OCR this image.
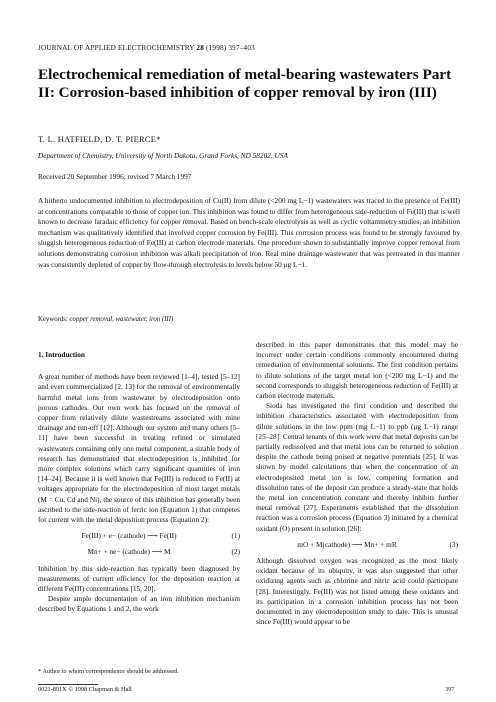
JOURNAL OF APPLIED ELECTROCHEMISTRY 28 (1998) 397–403
Electrochemical remediation of metal-bearing wastewaters Part II: Corrosion-based inhibition of copper removal by iron (III)
T. L. HATFIELD, D. T. PIERCE*
Department of Chemistry, University of North Dakota, Grand Forks, ND 58202, USA
Received 20 September 1996; revised 7 March 1997
A hitherto undocumented inhibition to electrodeposition of Cu(II) from dilute (<200 mg L−1) wastewaters was traced to the presence of Fe(III) at concentrations comparable to those of copper ion. This inhibition was found to differ from heterogeneous side-reduction of Fe(III) that is well known to decrease faradaic efficiency for copper removal. Based on bench-scale electrolysis as well as cyclic voltammetry studies, an inhibition mechanism was qualitatively identified that involved copper corrosion by Fe(III). This corrosion process was found to be strongly favoured by sluggish heterogeneous reduction of Fe(III) at carbon electrode materials. One procedure shown to substantially improve copper removal from solutions demonstrating corrosion inhibition was alkali precipitation of iron. Real mine drainage wastewater that was pretreated in this manner was consistently depleted of copper by flow-through electrolysis to levels below 50 μg L−1.
Keywords: copper removal, wastewater, iron (III)
1. Introduction

A great number of methods have been reviewed [1–4], tested [5–12] and even commercialized [2, 13] for the removal of environmentally harmful metal ions from wastewater by electrodeposition onto porous cathodes. Our own work has focused on the removal of copper from relatively dilute wastestreams associated with mine drainage and run-off [12]. Although our system and many others [5–11] have been successful in treating refined or simulated wastewaters containing only one metal component, a sizable body of research has demonstrated that electrodeposition is inhibited for more complex solutions which carry significant quantities of iron [14–24]. Because it is well known that Fe(III) is reduced to Fe(II) at voltages appropriate for the electrodeposition of most target metals (M = Cu, Cd and Ni), the source of this inhibition has generally been ascribed to the side-reaction of ferric ion (Equation 1) that competes for current with the metal deposition process (Equation 2):

Fe(III) + e− (cathode) ⟶ Fe(II)	(1)
Mn+ + ne− (cathode) ⟶ M	(2)

Inhibition by this side-reaction has typically been diagnosed by measurements of current efficiency for the deposition reaction at different Fe(III) concentrations [15, 20].

Despite ample documentation of an iron inhibition mechanism described by Equations 1 and 2, the work

described in this paper demonstrates that this model may be incorrect under certain conditions commonly encountered during remediation of environmental solutions. The first condition pertains to dilute solutions of the target metal ion (<200 mg L−1) and the second corresponds to sluggish heterogeneous reduction of Fe(III) at carbon electrode materials.

Sioda has investigated the first condition and described the inhibition characteristics associated with electrodeposition from dilute solutions in the low ppm (mg L−1) to ppb (μg L−1) range [25–28]. Central tenants of this work were that metal deposits can be partially redissolved and that metal ions can be returned to solution despite the cathode being poised at negative potentials [25]. It was shown by model calculations that when the concentration of an electrodeposited metal ion is low, competing formation and dissolution rates of the deposit can produce a steady-state that holds the metal ion concentration constant and thereby inhibits further metal removal [27]. Experiments established that the dissolution reaction was a corrosion process (Equation 3) initiated by a chemical oxidant (O) present in solution [26]:

mO + M(cathode) ⟶ Mn+ + mR	(3)

Although dissolved oxygen was recognized as the most likely oxidant because of its ubiquity, it was also suggested that other oxidizing agents such as chlorine and nitric acid could participate [28]. Interestingly, Fe(III) was not listed among these oxidants and its participation in a corrosion inhibition process has not been documented in any electrodeposition study to date. This is unusual since Fe(III) would appear to be

* Author to whom correspondence should be addressed.
0021-891X © 1998 Chapman & Hall	397
